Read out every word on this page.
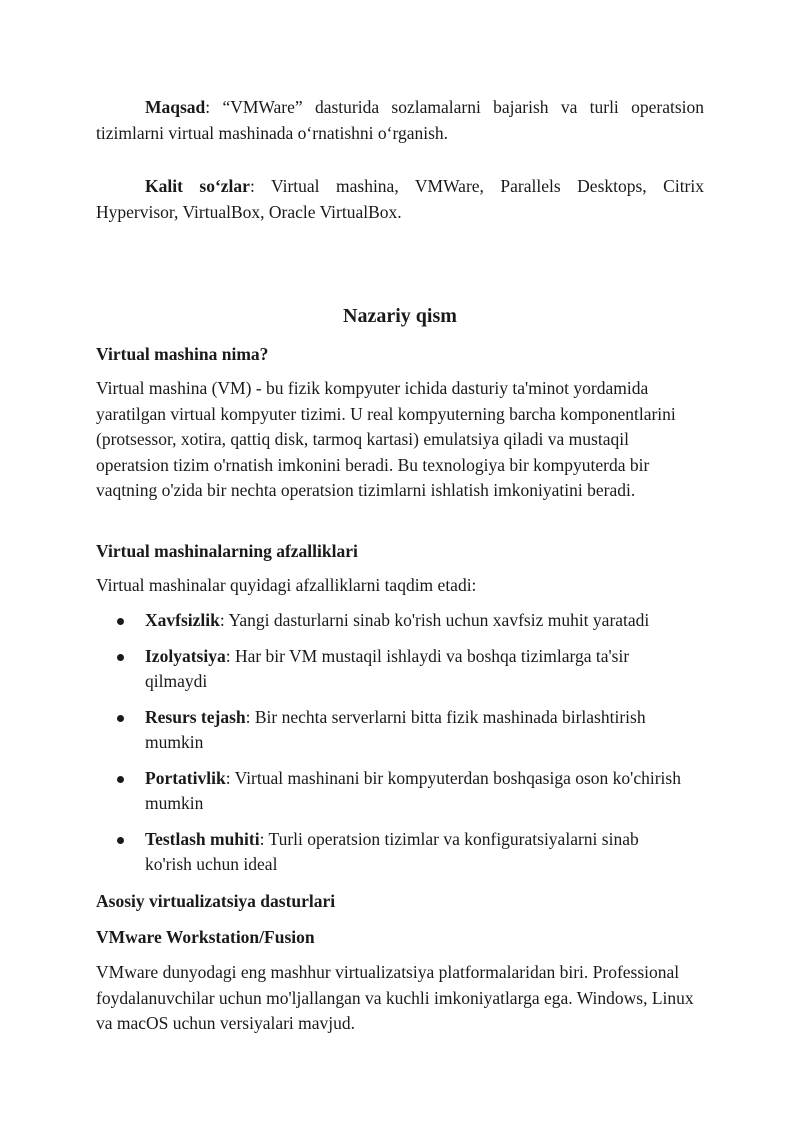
Maqsad: “VMWare” dasturida sozlamalarni bajarish va turli operatsion tizimlarni virtual mashinada o‘rnatishni o‘rganish.

Kalit so‘zlar: Virtual mashina, VMWare, Parallels Desktops, Citrix Hypervisor, VirtualBox, Oracle VirtualBox.

Nazariy qism
Virtual mashina nima?
Virtual mashina (VM) - bu fizik kompyuter ichida dasturiy ta'minot yordamida yaratilgan virtual kompyuter tizimi. U real kompyuterning barcha komponentlarini (protsessor, xotira, qattiq disk, tarmoq kartasi) emulatsiya qiladi va mustaqil operatsion tizim o'rnatish imkonini beradi. Bu texnologiya bir kompyuterda bir vaqtning o'zida bir nechta operatsion tizimlarni ishlatish imkoniyatini beradi.
Virtual mashinalarning afzalliklari
Virtual mashinalar quyidagi afzalliklarni taqdim etadi:
Xavfsizlik: Yangi dasturlarni sinab ko'rish uchun xavfsiz muhit yaratadi
Izolyatsiya: Har bir VM mustaqil ishlaydi va boshqa tizimlarga ta'sir qilmaydi
Resurs tejash: Bir nechta serverlarni bitta fizik mashinada birlashtirish mumkin
Portativlik: Virtual mashinani bir kompyuterdan boshqasiga oson ko'chirish mumkin
Testlash muhiti: Turli operatsion tizimlar va konfiguratsiyalarni sinab ko'rish uchun ideal
Asosiy virtualizatsiya dasturlari
VMware Workstation/Fusion
VMware dunyodagi eng mashhur virtualizatsiya platformalaridan biri. Professional foydalanuvchilar uchun mo'ljallangan va kuchli imkoniyatlarga ega. Windows, Linux va macOS uchun versiyalari mavjud.
